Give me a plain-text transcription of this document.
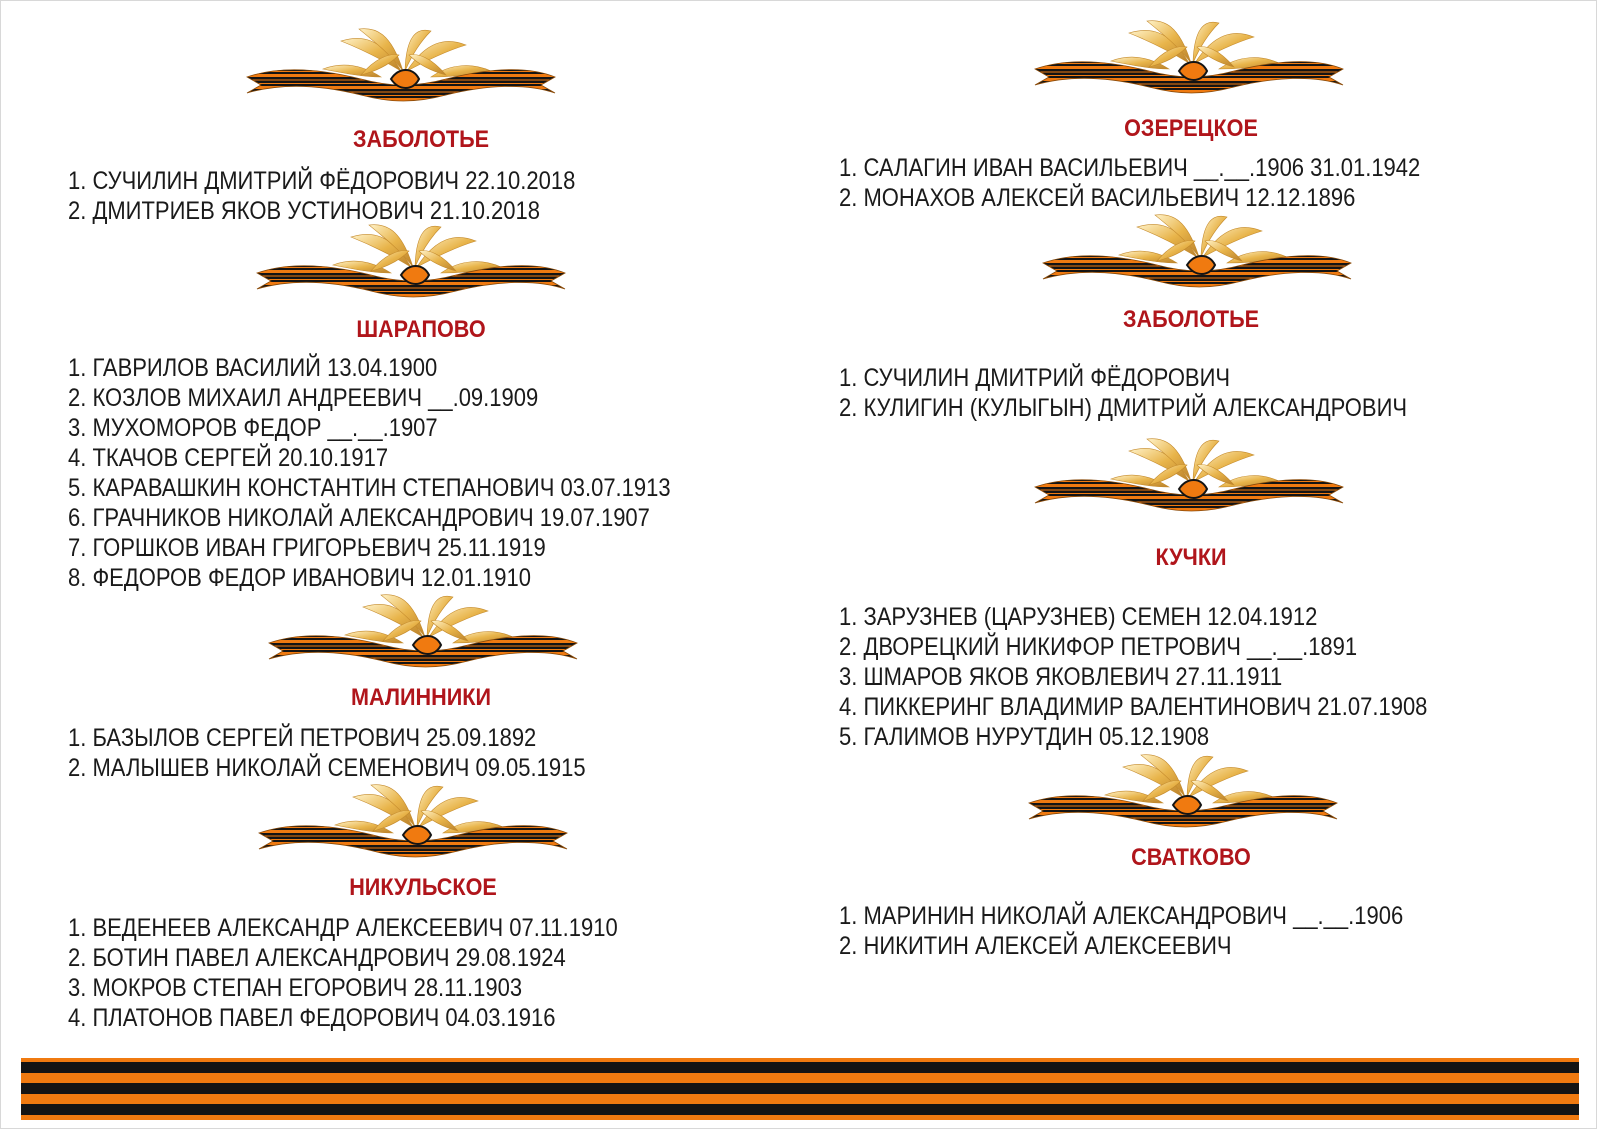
ЗАБОЛОТЬЕ
1. СУЧИЛИН ДМИТРИЙ ФЁДОРОВИЧ 22.10.2018
2. ДМИТРИЕВ ЯКОВ УСТИНОВИЧ 21.10.2018
ШАРАПОВО
1. ГАВРИЛОВ ВАСИЛИЙ 13.04.1900
2. КОЗЛОВ МИХАИЛ АНДРЕЕВИЧ __.09.1909
3. МУХОМОРОВ ФЕДОР __.__.1907
4. ТКАЧОВ СЕРГЕЙ 20.10.1917
5. КАРАВАШКИН КОНСТАНТИН СТЕПАНОВИЧ 03.07.1913
6. ГРАЧНИКОВ НИКОЛАЙ АЛЕКСАНДРОВИЧ 19.07.1907
7. ГОРШКОВ ИВАН ГРИГОРЬЕВИЧ 25.11.1919
8. ФЕДОРОВ ФЕДОР ИВАНОВИЧ 12.01.1910
МАЛИННИКИ
1. БАЗЫЛОВ СЕРГЕЙ ПЕТРОВИЧ 25.09.1892
2. МАЛЫШЕВ НИКОЛАЙ СЕМЕНОВИЧ 09.05.1915
НИКУЛЬСКОЕ
1. ВЕДЕНЕЕВ АЛЕКСАНДР АЛЕКСЕЕВИЧ 07.11.1910
2. БОТИН ПАВЕЛ АЛЕКСАНДРОВИЧ 29.08.1924
3. МОКРОВ СТЕПАН ЕГОРОВИЧ 28.11.1903
4. ПЛАТОНОВ ПАВЕЛ ФЕДОРОВИЧ 04.03.1916
ОЗЕРЕЦКОЕ
1. САЛАГИН ИВАН ВАСИЛЬЕВИЧ __.__.1906 31.01.1942
2. МОНАХОВ АЛЕКСЕЙ ВАСИЛЬЕВИЧ 12.12.1896
ЗАБОЛОТЬЕ
1. СУЧИЛИН ДМИТРИЙ ФЁДОРОВИЧ
2. КУЛИГИН (КУЛЫГЫН) ДМИТРИЙ АЛЕКСАНДРОВИЧ
КУЧКИ
1. ЗАРУЗНЕВ (ЦАРУЗНЕВ) СЕМЕН 12.04.1912
2. ДВОРЕЦКИЙ НИКИФОР ПЕТРОВИЧ __.__.1891
3. ШМАРОВ ЯКОВ ЯКОВЛЕВИЧ 27.11.1911
4. ПИККЕРИНГ ВЛАДИМИР ВАЛЕНТИНОВИЧ 21.07.1908
5. ГАЛИМОВ НУРУТДИН 05.12.1908
СВАТКОВО
1. МАРИНИН НИКОЛАЙ АЛЕКСАНДРОВИЧ __.__.1906
2. НИКИТИН АЛЕКСЕЙ АЛЕКСЕЕВИЧ
